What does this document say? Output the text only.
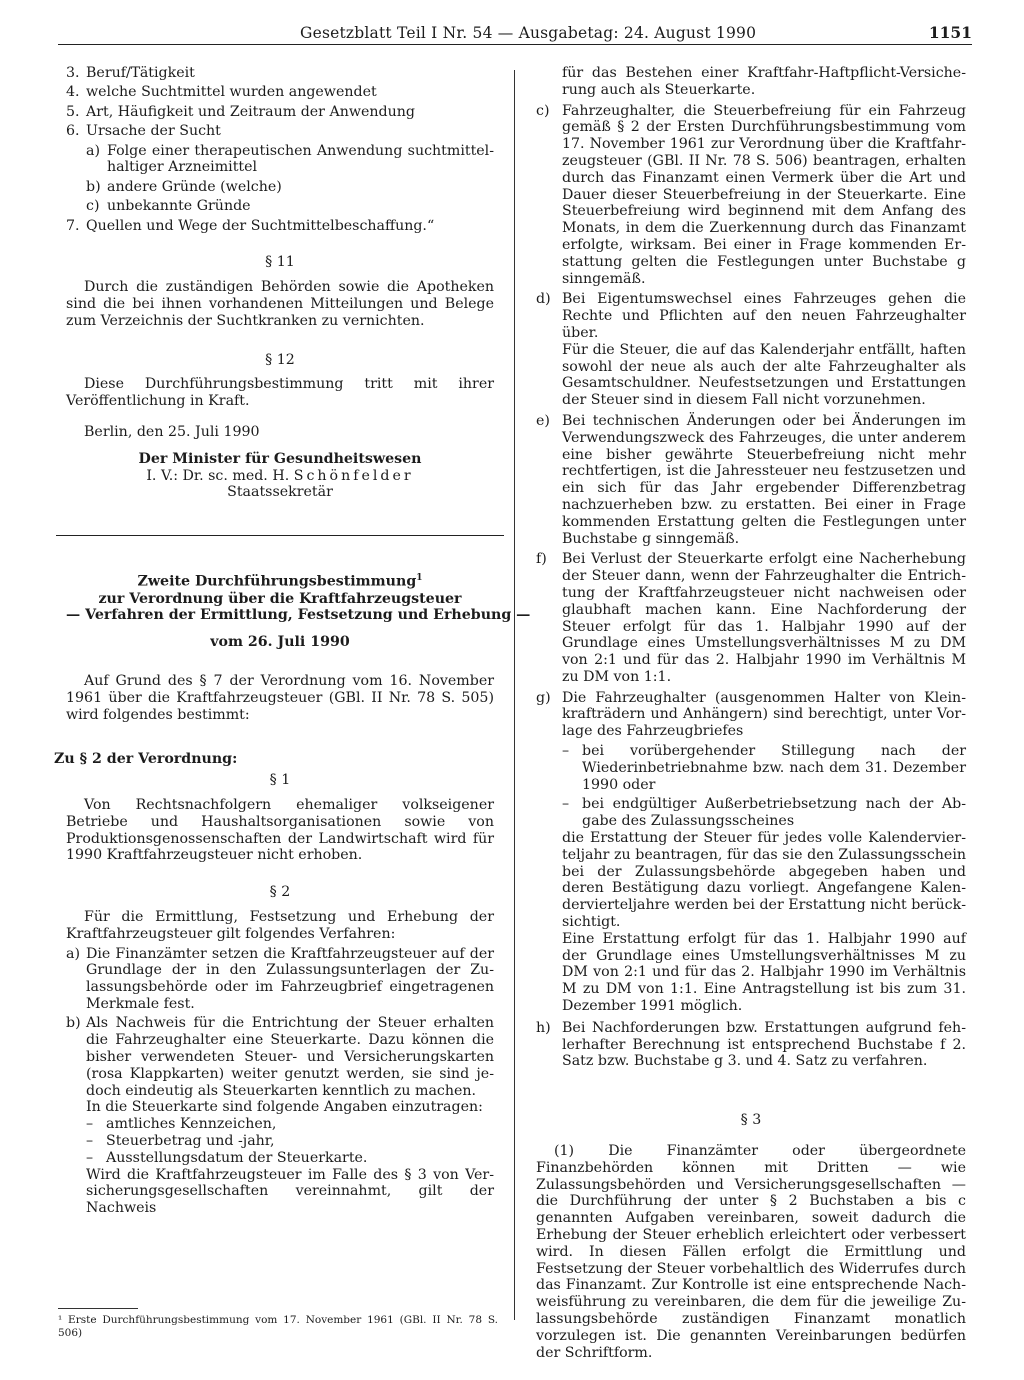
Gesetzblatt Teil I Nr. 54 — Ausgabetag: 24. August 1990	1151
3. Beruf/Tätigkeit
4. welche Suchtmittel wurden angewendet
5. Art, Häufigkeit und Zeitraum der Anwendung
6. Ursache der Sucht
a) Folge einer therapeutischen Anwendung suchtmittelhaltiger Arzneimittel
b) andere Gründe (welche)
c) unbekannte Gründe
7. Quellen und Wege der Suchtmittelbeschaffung.“

§ 11

Durch die zuständigen Behörden sowie die Apotheken sind die bei ihnen vorhandenen Mitteilungen und Belege zum Verzeichnis der Suchtkranken zu vernichten.

§ 12

Diese Durchführungsbestimmung tritt mit ihrer Veröffentlichung in Kraft.

Berlin, den 25. Juli 1990

Der Minister für Gesundheitswesen

I. V.: Dr. sc. med. H. Schönfelder

Staatssekretär

Zweite Durchführungsbestimmung$^1$

zur Verordnung über die Kraftfahrzeugsteuer

— Verfahren der Ermittlung, Festsetzung und Erhebung —

vom 26. Juli 1990

Auf Grund des § 7 der Verordnung vom 16. November 1961 über die Kraftfahrzeugsteuer (GBl. II Nr. 78 S. 505) wird folgendes bestimmt:

Zu § 2 der Verordnung:

§ 1

Von Rechtsnachfolgern ehemaliger volkseigener Betriebe und Haushaltsorganisationen sowie von Produktionsgenossenschaften der Landwirtschaft wird für 1990 Kraftfahrzeugsteuer nicht erhoben.

§ 2

Für die Ermittlung, Festsetzung und Erhebung der Kraftfahrzeugsteuer gilt folgendes Verfahren:

a) Die Finanzämter setzen die Kraftfahrzeugsteuer auf der Grundlage der in den Zulassungsunterlagen der Zulassungsbehörde oder im Fahrzeugbrief eingetragenen Merkmale fest.
b) Als Nachweis für die Entrichtung der Steuer erhalten die Fahrzeughalter eine Steuerkarte. Dazu können die bisher verwendeten Steuer- und Versicherungskarten (rosa Klappkarten) weiter genutzt werden, sie sind jedoch eindeutig als Steuerkarten kenntlich zu machen.

In die Steuerkarte sind folgende Angaben einzutragen:

– amtliches Kennzeichen,
– Steuerbetrag und -jahr,
– Ausstellungsdatum der Steuerkarte.

Wird die Kraftfahrzeugsteuer im Falle des § 3 von Versicherungsgesellschaften vereinnahmt, gilt der Nachweis

¹ Erste Durchführungsbestimmung vom 17. November 1961 (GBl. II Nr. 78 S. 506)

für das Bestehen einer Kraftfahr-Haftpflicht-Versicherung auch als Steuerkarte.

c) Fahrzeughalter, die Steuerbefreiung für ein Fahrzeug gemäß § 2 der Ersten Durchführungsbestimmung vom 17. November 1961 zur Verordnung über die Kraftfahrzeugsteuer (GBl. II Nr. 78 S. 506) beantragen, erhalten durch das Finanzamt einen Vermerk über die Art und Dauer dieser Steuerbefreiung in der Steuerkarte. Eine Steuerbefreiung wird beginnend mit dem Anfang des Monats, in dem die Zuerkennung durch das Finanzamt erfolgte, wirksam. Bei einer in Frage kommenden Erstattung gelten die Festlegungen unter Buchstabe g sinngemäß.
d) Bei Eigentumswechsel eines Fahrzeuges gehen die Rechte und Pflichten auf den neuen Fahrzeughalter über.

Für die Steuer, die auf das Kalenderjahr entfällt, haften sowohl der neue als auch der alte Fahrzeughalter als Gesamtschuldner. Neufestsetzungen und Erstattungen der Steuer sind in diesem Fall nicht vorzunehmen.

e) Bei technischen Änderungen oder bei Änderungen im Verwendungszweck des Fahrzeuges, die unter anderem eine bisher gewährte Steuerbefreiung nicht mehr rechtfertigen, ist die Jahressteuer neu festzusetzen und ein sich für das Jahr ergebender Differenzbetrag nachzuerheben bzw. zu erstatten. Bei einer in Frage kommenden Erstattung gelten die Festlegungen unter Buchstabe g sinngemäß.
f)	Bei Verlust der Steuerkarte erfolgt eine Nacherhebung der Steuer dann, wenn der Fahrzeughalter die Entrichtung der Kraftfahrzeugsteuer nicht nachweisen oder glaubhaft machen kann. Eine Nachforderung der Steuer erfolgt für das 1. Halbjahr 1990 auf der Grundlage eines Umstellungsverhältnisses M zu DM von 2:1 und für das 2. Halbjahr 1990 im Verhältnis M zu DM von 1:1.
g) Die Fahrzeughalter (ausgenommen Halter von Kleinkrafträdern und Anhängern) sind berechtigt, unter Vorlage des Fahrzeugbriefes
– bei vorübergehender Stillegung nach der Wiederinbetriebnahme bzw. nach dem 31. Dezember 1990 oder
– bei endgültiger Außerbetriebsetzung nach der Abgabe des Zulassungsscheines

die Erstattung der Steuer für jedes volle Kalendervierteljahr zu beantragen, für das sie den Zulassungsschein bei der Zulassungsbehörde abgegeben haben und deren Bestätigung dazu vorliegt. Angefangene Kalendervierteljahre werden bei der Erstattung nicht berücksichtigt.

Eine Erstattung erfolgt für das 1. Halbjahr 1990 auf der Grundlage eines Umstellungsverhältnisses M zu DM von 2:1 und für das 2. Halbjahr 1990 im Verhältnis M zu DM von 1:1. Eine Antragstellung ist bis zum 31. Dezember 1991 möglich.

h) Bei Nachforderungen bzw. Erstattungen aufgrund fehlerhafter Berechnung ist entsprechend Buchstabe f 2. Satz bzw. Buchstabe g 3. und 4. Satz zu verfahren.

§ 3

(1) Die Finanzämter oder übergeordnete Finanzbehörden können mit Dritten — wie Zulassungsbehörden und Versicherungsgesellschaften — die Durchführung der unter § 2 Buchstaben a bis c genannten Aufgaben vereinbaren, soweit dadurch die Erhebung der Steuer erheblich erleichtert oder verbessert wird. In diesen Fällen erfolgt die Ermittlung und Festsetzung der Steuer vorbehaltlich des Widerrufes durch das Finanzamt. Zur Kontrolle ist eine entsprechende Nachweisführung zu vereinbaren, die dem für die jeweilige Zulassungsbehörde zuständigen Finanzamt monatlich vorzulegen ist. Die genannten Vereinbarungen bedürfen der Schriftform.
